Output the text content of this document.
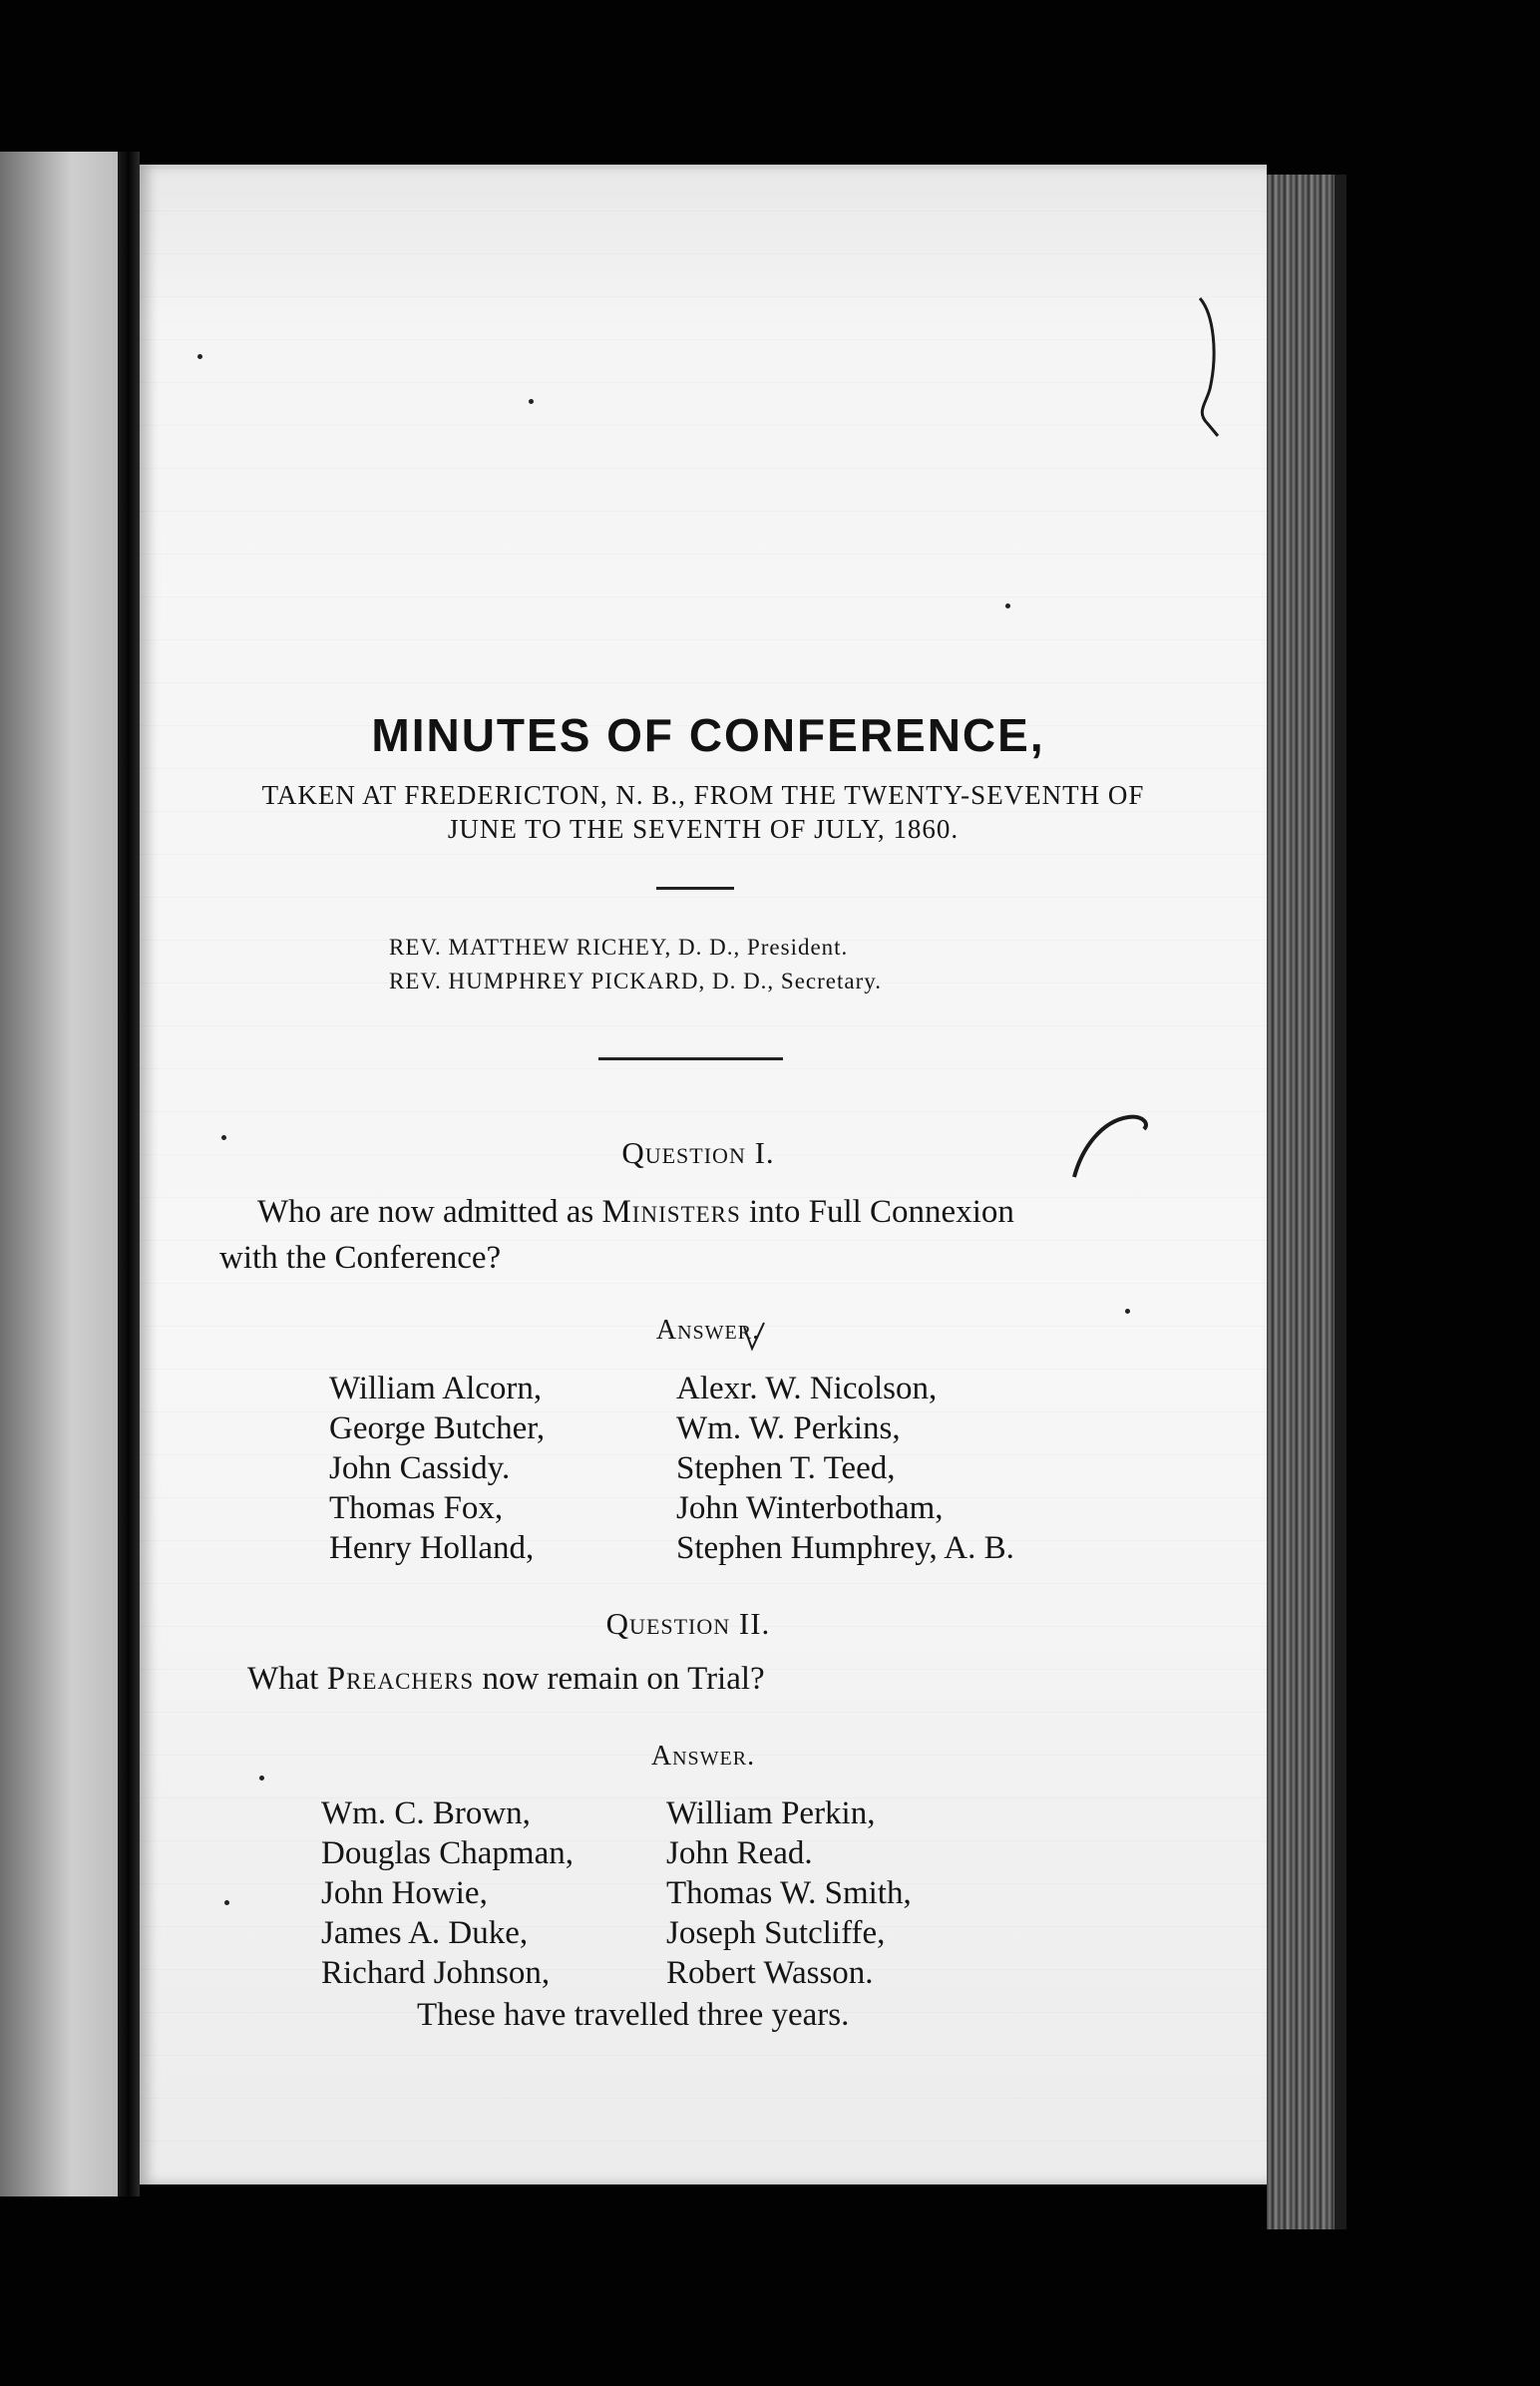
MINUTES OF CONFERENCE,
TAKEN AT FREDERICTON, N. B., FROM THE TWENTY-SEVENTH OF
JUNE TO THE SEVENTH OF JULY, 1860.
REV. MATTHEW RICHEY, D. D., President.
REV. HUMPHREY PICKARD, D. D., Secretary.
Question I.
Who are now admitted as Ministers into Full Connexion
with the Conference?
Answer.
William Alcorn,
George Butcher,
John Cassidy.
Thomas Fox,
Henry Holland,
Alexr. W. Nicolson,
Wm. W. Perkins,
Stephen T. Teed,
John Winterbotham,
Stephen Humphrey, A. B.
Question II.
What Preachers now remain on Trial?
Answer.
Wm. C. Brown,
Douglas Chapman,
John Howie,
James A. Duke,
Richard Johnson,
William Perkin,
John Read.
Thomas W. Smith,
Joseph Sutcliffe,
Robert Wasson.
These have travelled three years.
